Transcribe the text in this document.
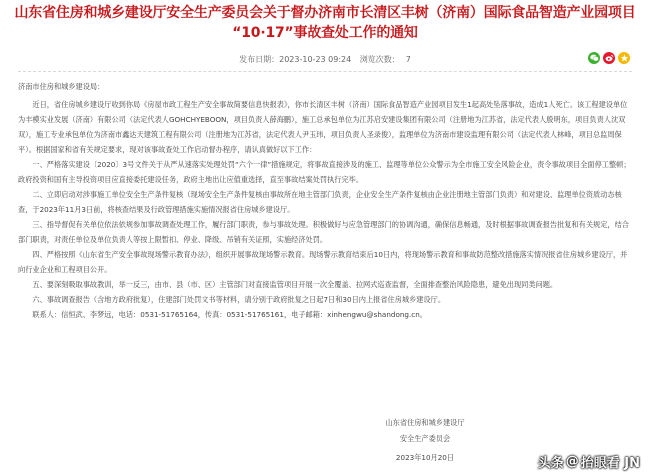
山东省住房和城乡建设厅安全生产委员会关于督办济南市长清区丰树（济南）国际食品智造产业园项目
“10·17”事故查处工作的通知
发布日期：2023-10-23 09:24 浏览次数： 7

济南市住房和城乡建设局：

近日，省住房城乡建设厅收到你局《房屋市政工程生产安全事故简要信息快报表》，你市长清区丰树（济南）国际食品智造产业园项目发生1起高处坠落事故，造成1人死亡。该工程建设单位为丰模实业发展（济南）有限公司（法定代表人GOHCHYEBOON，项目负责人薛海鹏），施工总承包单位为江苏启安建设集团有限公司（注册地为江苏省，法定代表人殷明东，项目负责人沈双双），施工专业承包单位为济南市鑫达天建筑工程有限公司（注册地为江苏省，法定代表人尹玉玮，项目负责人圣录俊），监理单位为济南市建设监理有限公司（法定代表人林峰，项目总监周保平）。根据国家和省有关规定要求，现对该事故查处工作启动督办程序，请认真做好以下工作：

一、严格落实建设〔2020〕3号文件关于从严从速落实处理处罚“六个一律”措施规定，将事故直接涉及的施工、监理等单位公众警示为全市施工安全风险企业，责令事故项目全面停工整顿；政府投资和国有主导投资项目应直接委托建设任务，政府主地出让应值重选择，直至事故结案处罚执行完毕。

二、立即启动对涉事施工单位安全生产条件复核（现场安全生产条件复核由事故所在地主管部门负责，企业安全生产条件复核由企业注册地主管部门负责）和对建设、监理单位资质动态核查，于2023年11月3日前，将核查结果及行政管理措施实施情况报省住房城乡建设厅。

三、指导督促有关单位依法依规参加事故调查处理工作，履行部门职责，参与事故处理。积极做好与应急管理部门的协调沟通，确保信息畅通，及时根据事故调查报告批复和有关规定，结合部门职责，对责任单位及单位负责人等按上限暂扣、停业、降级、吊销有关证照，实施经济处罚。

四、严格按照《山东省生产安全事故现场警示教育办法》，组织开展事故现场警示教育。现场警示教育结束后10日内，将现场警示教育和事故防范整改措施落实情况报省住房城乡建设厅，并向行业企业和工程项目公开。

五、要深刻吸取事故教训，举一反三，由市、县（市、区）主管部门对直接监管项目开展一次全覆盖、拉网式巡查监督，全面排查整治风险隐患，避免出现同类问题。

六、事故调查报告（含地方政府批复），住建部门处罚文书等材料，请分别于政府批复之日起7日和30日内上报省住房城乡建设厅。

联系人：信恒武、李梦远，电话：0531-51765164，传真：0531-51765161，电子邮箱：xinhengwu@shandong.cn。

山东省住房和城乡建设厅
安全生产委员会
2023年10月20日	头条 @ 抬眼看 JN
